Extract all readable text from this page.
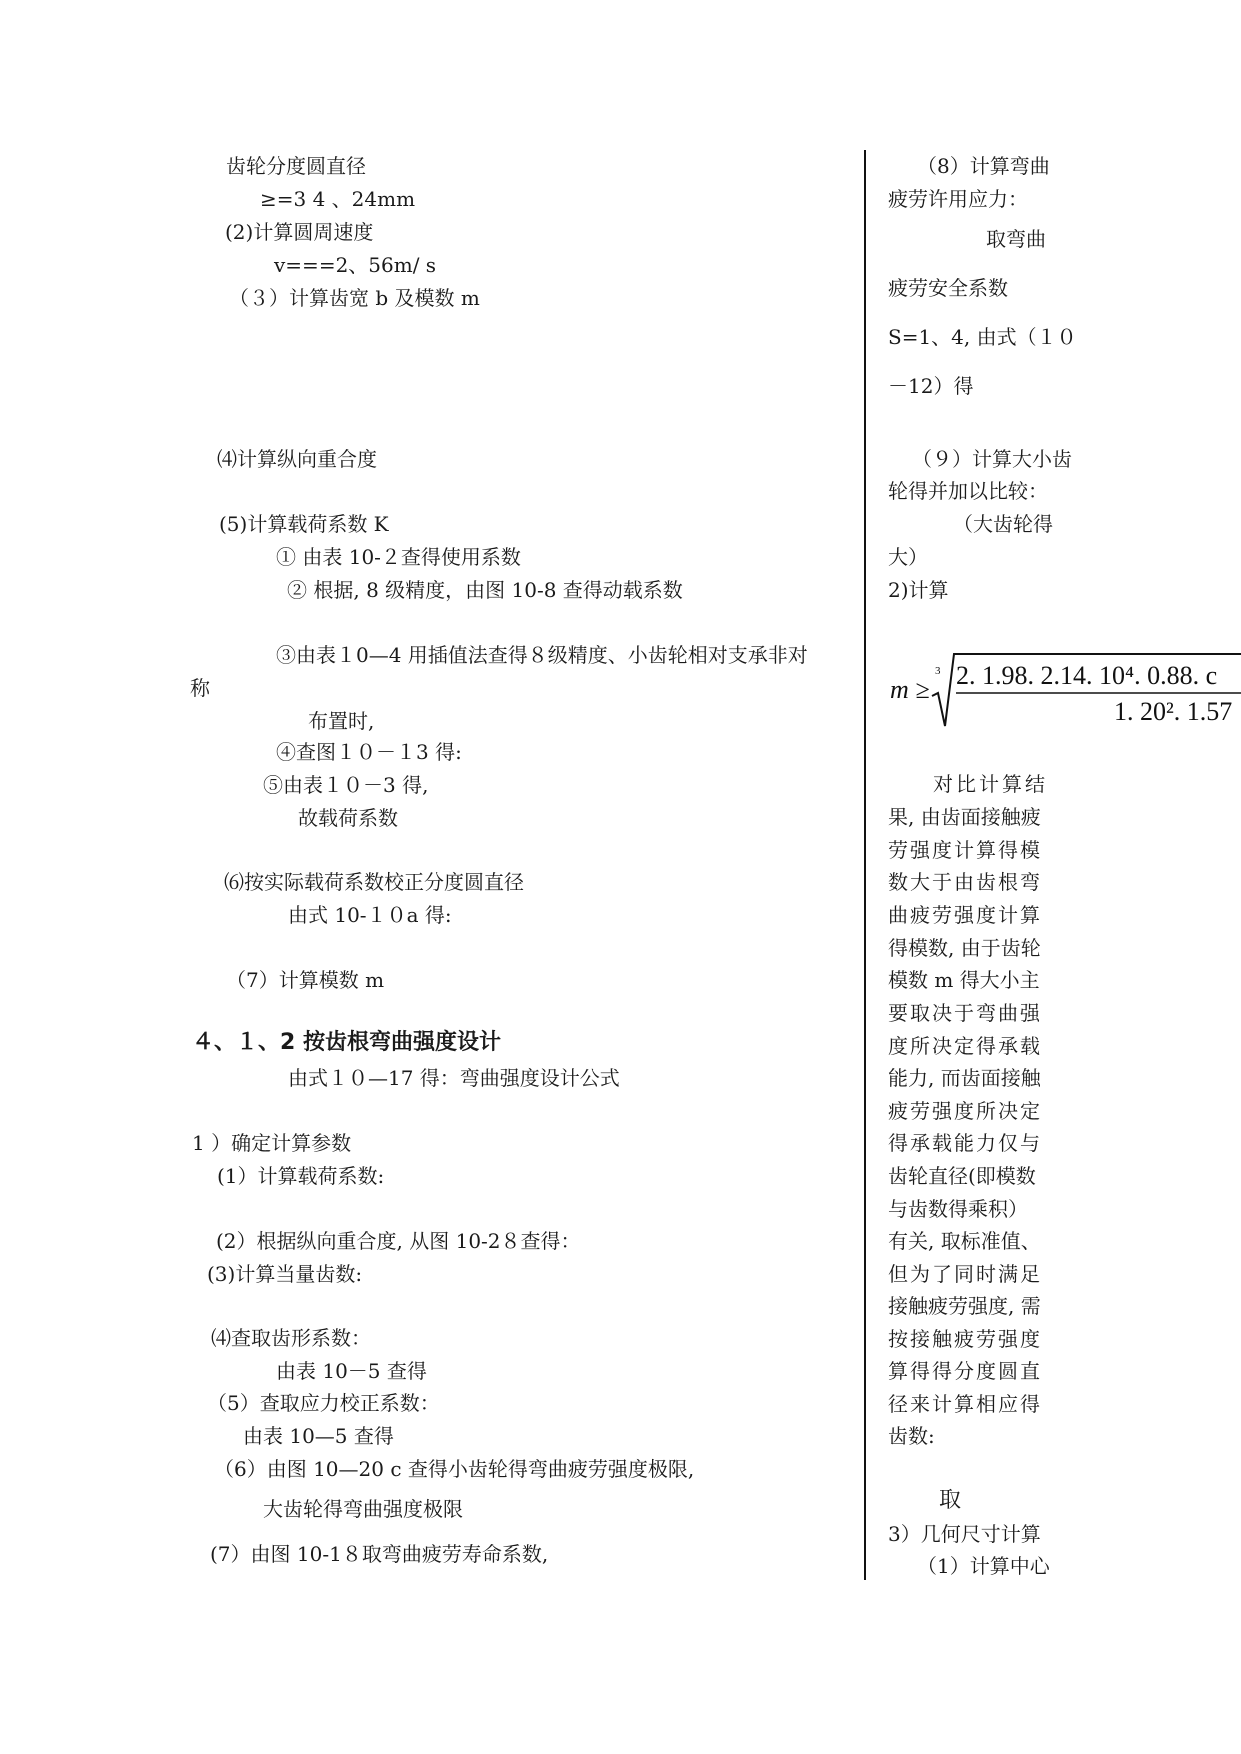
齿轮分度圆直径
≥=3 4 、24mm
(2)计算圆周速度
v===2、56m/ s
（３）计算齿宽 b 及模数 m
⑷计算纵向重合度
(5)计算载荷系数 K
① 由表 10-２查得使用系数
② 根据, 8 级精度，由图 10-8 查得动载系数
③由表１0—4 用插值法查得８级精度、小齿轮相对支承非对
称
布置时,
④查图１０－１3 得:
⑤由表１０－3 得,
故载荷系数
⑹按实际载荷系数校正分度圆直径
由式 10-１０a 得:
（7）计算模数 m
４、１、2 按齿根弯曲强度设计
由式１０—17 得：弯曲强度设计公式
1 ）确定计算参数
(1）计算载荷系数:
(2）根据纵向重合度, 从图 10-2８查得：
(3)计算当量齿数:
⑷查取齿形系数：
由表 10－5 查得
（5）查取应力校正系数：
由表 10—5 查得
（6）由图 10—20 c 查得小齿轮得弯曲疲劳强度极限,
大齿轮得弯曲强度极限
(7）由图 10-1８取弯曲疲劳寿命系数,
（8）计算弯曲
疲劳许用应力：
取弯曲
疲劳安全系数
S=1、4, 由式（１０
－12）得
（９）计算大小齿
轮得并加以比较：
（大齿轮得
大）
2)计算
m ≥
3 2. 1.98. 2.14. 10⁴. 0.88. c
1. 20². 1.57
对比计算结
果, 由齿面接触疲
劳强度计算得模
数大于由齿根弯
曲疲劳强度计算
得模数, 由于齿轮
模数 m 得大小主
要取决于弯曲强
度所决定得承载
能力, 而齿面接触
疲劳强度所决定
得承载能力仅与
齿轮直径(即模数
与齿数得乘积）
有关, 取标准值、
但为了同时满足
接触疲劳强度, 需
按接触疲劳强度
算得得分度圆直
径来计算相应得
齿数:
取
3）几何尺寸计算
（1）计算中心
